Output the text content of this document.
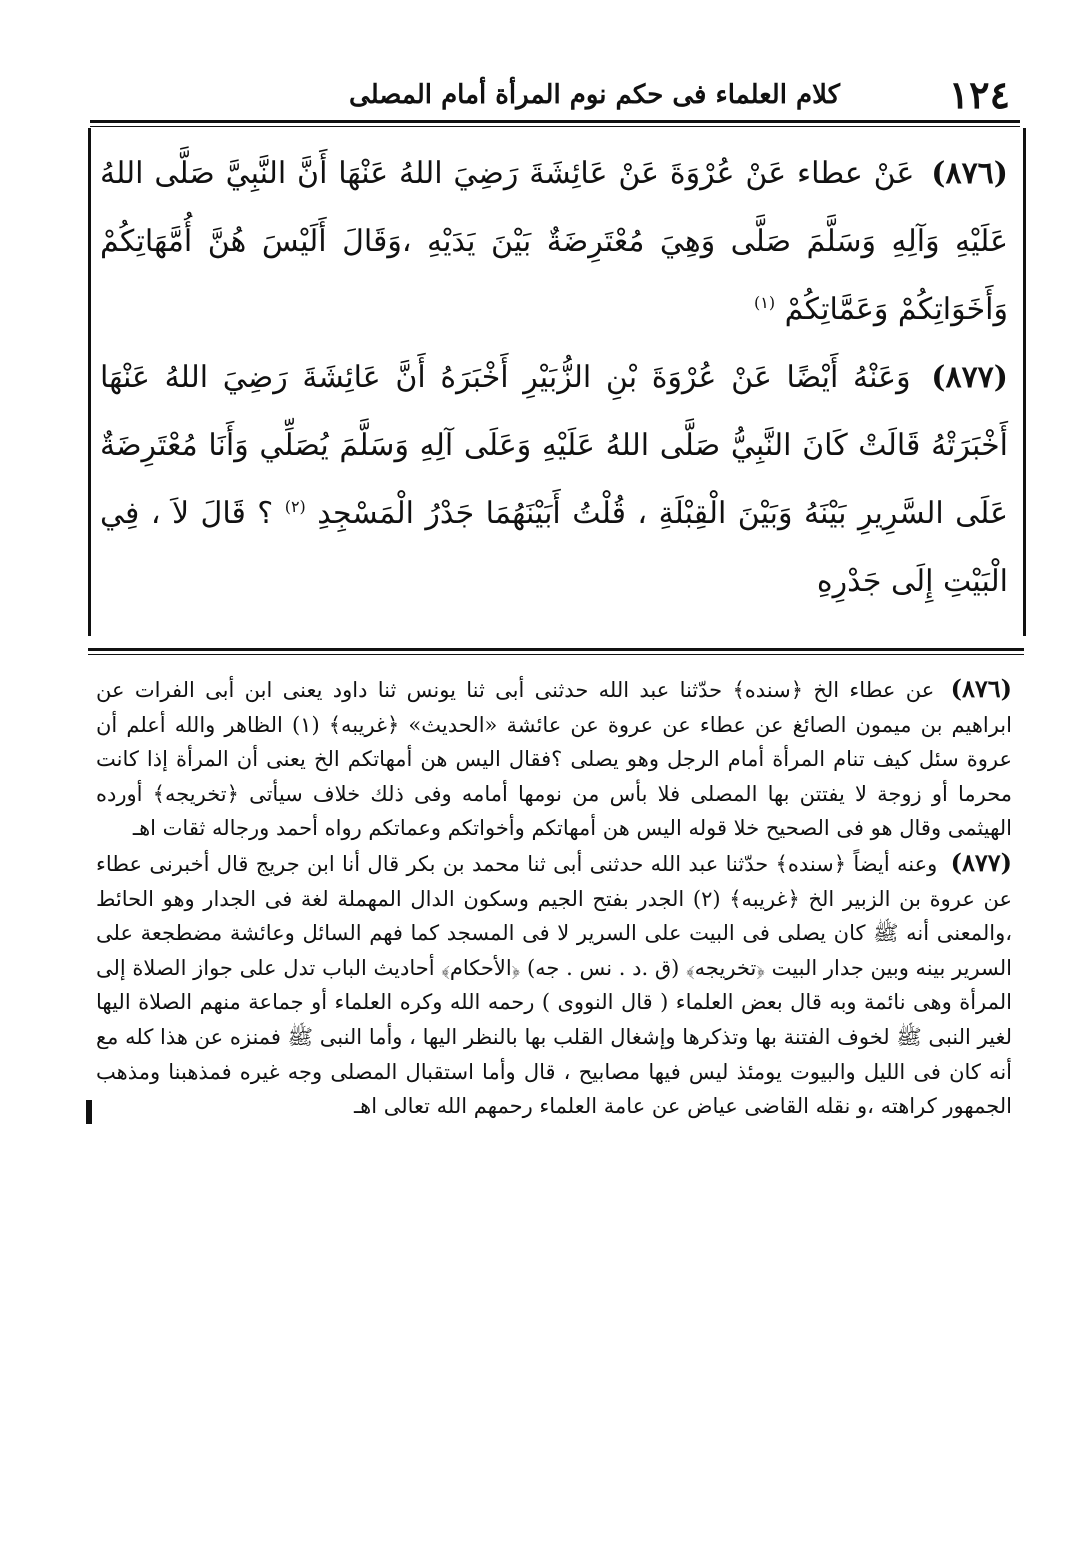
١٢٤
كلام العلماء فى حكم نوم المرأة أمام المصلى

(٨٧٦) عَنْ عطاء عَنْ عُرْوَةَ عَنْ عَائِشَةَ رَضِيَ اللهُ عَنْهَا أَنَّ النَّبِيَّ صَلَّى اللهُ عَلَيْهِ وَآلِهِ وَسَلَّمَ صَلَّى وَهِيَ مُعْتَرِضَةٌ بَيْنَ يَدَيْهِ ،وَقَالَ أَلَيْسَ هُنَّ أُمَّهَاتِكُمْ وَأَخَوَاتِكُمْ وَعَمَّاتِكُمْ $^{(١)}$

(٨٧٧) وَعَنْهُ أَيْضًا عَنْ عُرْوَةَ بْنِ الزُّبَيْرِ أَخْبَرَهُ أَنَّ عَائِشَةَ رَضِيَ اللهُ عَنْهَا أَخْبَرَتْهُ قَالَتْ كَانَ النَّبِيُّ صَلَّى اللهُ عَلَيْهِ وَعَلَى آلِهِ وَسَلَّمَ يُصَلِّي وَأَنَا مُعْتَرِضَةٌ عَلَى السَّرِيرِ بَيْنَهُ وَبَيْنَ الْقِبْلَةِ ، قُلْتُ أَبَيْنَهُمَا جَدْرُ الْمَسْجِدِ $^{(٢)}$ ؟ قَالَ لاَ ، فِي الْبَيْتِ إِلَى جَدْرِهِ

(٨٧٦) عن عطاء الخ ﴿سنده﴾ حدّثنا عبد الله حدثنى أبى ثنا يونس ثنا داود يعنى ابن أبى الفرات عن ابراهيم بن ميمون الصائغ عن عطاء عن عروة عن عائشة «الحديث» ﴿غريبه﴾ (١) الظاهر والله أعلم أن عروة سئل كيف تنام المرأة أمام الرجل وهو يصلى ؟فقال اليس هن أمهاتكم الخ يعنى أن المرأة إذا كانت محرما أو زوجة لا يفتتن بها المصلى فلا بأس من نومها أمامه وفى ذلك خلاف سيأتى ﴿تخريجه﴾ أورده الهيثمى وقال هو فى الصحيح خلا قوله اليس هن أمهاتكم وأخواتكم وعماتكم رواه أحمد ورجاله ثقات اهـ

(٨٧٧) وعنه أيضاً ﴿سنده﴾ حدّثنا عبد الله حدثنى أبى ثنا محمد بن بكر قال أنا ابن جريج قال أخبرنى عطاء عن عروة بن الزبير الخ ﴿غريبه﴾ (٢) الجدر بفتح الجيم وسكون الدال المهملة لغة فى الجدار وهو الحائط ،والمعنى أنه ﷺ كان يصلى فى البيت على السرير لا فى المسجد كما فهم السائل وعائشة مضطجعة على السرير بينه وبين جدار البيت ﴿تخريجه﴾ (ق .د . نس . جه) ﴿الأحكام﴾ أحاديث الباب تدل على جواز الصلاة إلى المرأة وهى نائمة وبه قال بعض العلماء ( قال النووى ) رحمه الله وكره العلماء أو جماعة منهم الصلاة اليها لغير النبى ﷺ لخوف الفتنة بها وتذكرها وإشغال القلب بها بالنظر اليها ، وأما النبى ﷺ فمنزه عن هذا كله مع أنه كان فى الليل والبيوت يومئذ ليس فيها مصابيح ، قال وأما استقبال المصلى وجه غيره فمذهبنا ومذهب الجمهور كراهته ،و نقله القاضى عياض عن عامة العلماء رحمهم الله تعالى اهـ
